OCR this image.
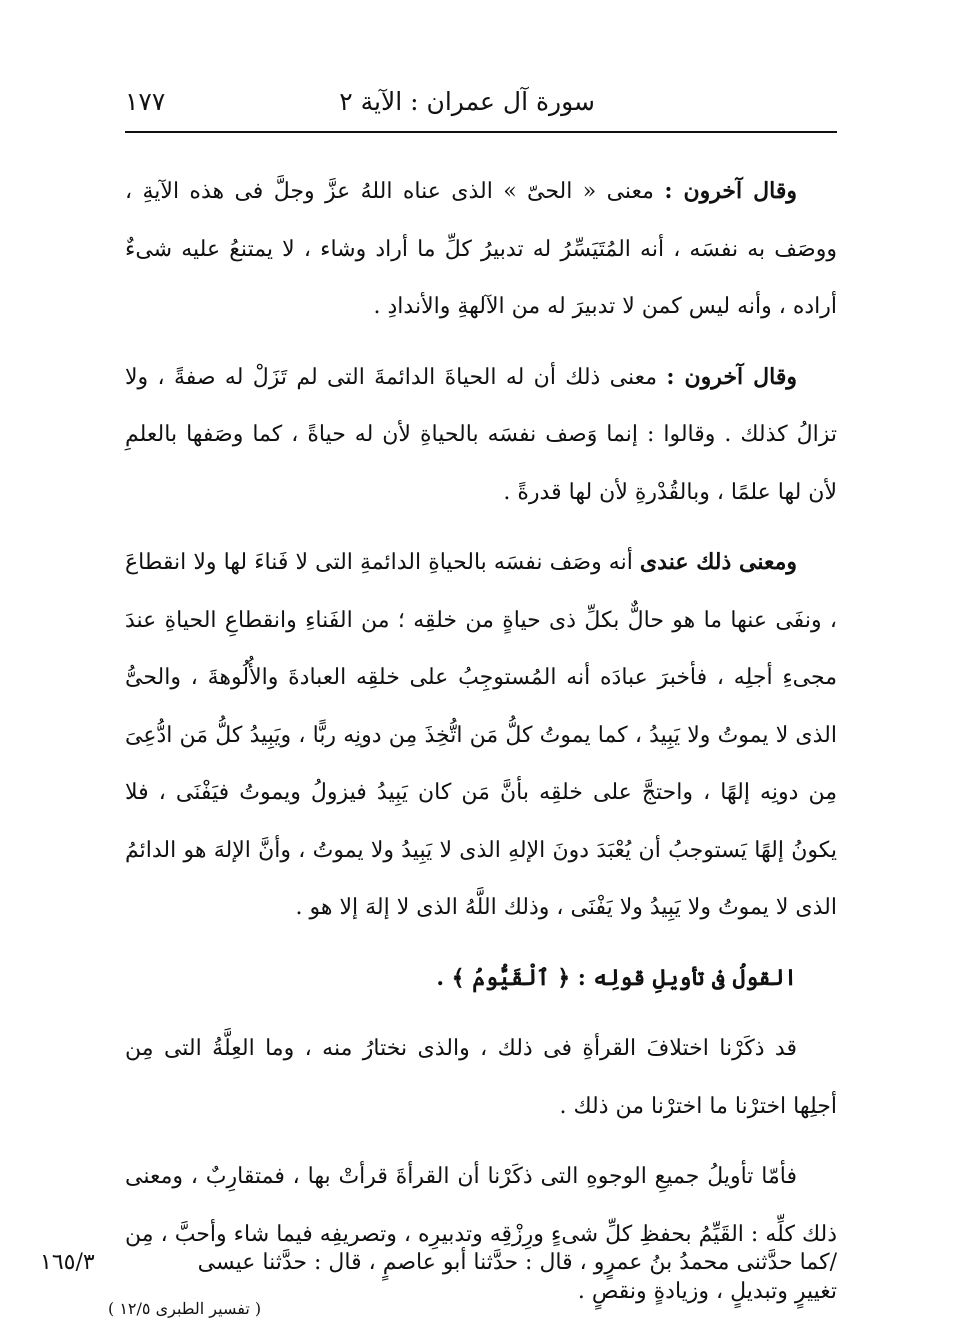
سورة آل عمران : الآية ٢
١٧٧

وقال آخرون : معنى « الحىّ » الذى عناه اللهُ عزَّ وجلَّ فى هذه الآيةِ ، ووصَف به نفسَه ، أنه المُتَيَسِّرُ له تدبيرُ كلِّ ما أراد وشاء ، لا يمتنعُ عليه شىءٌ أراده ، وأنه ليس كمن لا تدبيرَ له من الآلهةِ والأندادِ .

وقال آخرون : معنى ذلك أن له الحياةَ الدائمةَ التى لم تَزَلْ له صفةً ، ولا تزالُ كذلك . وقالوا : إنما وَصف نفسَه بالحياةِ لأن له حياةً ، كما وصَفها بالعلمِ لأن لها علمًا ، وبالقُدْرةِ لأن لها قدرةً .

ومعنى ذلك عندى أنه وصَف نفسَه بالحياةِ الدائمةِ التى لا فَناءَ لها ولا انقطاعَ ، ونفَى عنها ما هو حالٌّ بكلِّ ذى حياةٍ من خلقِه ؛ من الفَناءِ وانقطاعِ الحياةِ عندَ مجىءِ أجلِه ، فأخبرَ عبادَه أنه المُستوجِبُ على خلقِه العبادةَ والأُلُوهةَ ، والحىُّ الذى لا يموتُ ولا يَبِيدُ ، كما يموتُ كلُّ مَن اتُّخِذَ مِن دونِه ربًّا ، ويَبِيدُ كلُّ مَن ادُّعِىَ مِن دونِه إلهًا ، واحتجَّ على خلقِه بأنَّ مَن كان يَبِيدُ فيزولُ ويموتُ فيَفْنَى ، فلا يكونُ إلهًا يَستوجبُ أن يُعْبَدَ دونَ الإلهِ الذى لا يَبِيدُ ولا يموتُ ، وأنَّ الإلهَ هو الدائمُ الذى لا يموتُ ولا يَبِيدُ ولا يَفْنَى ، وذلك اللَّهُ الذى لا إلهَ إلا هو .

القولُ فى تأويلِ قولِه : ﴿ ٱلْقَيُّومُ ﴾ .

قد ذكَرْنا اختلافَ القرأةِ فى ذلك ، والذى نختارُ منه ، وما العِلَّةُ التى مِن أجلِها اخترْنا ما اخترْنا من ذلك .

فأمّا تأويلُ جميعِ الوجوهِ التى ذكَرْنا أن القرأةَ قرأتْ بها ، فمتقارِبٌ ، ومعنى ذلك كلِّه : القَيِّمُ بحفظِ كلِّ شىءٍ ورِزْقِه وتدبيرِه ، وتصريفِه فيما شاء وأحبَّ ، مِن تغييرٍ وتبديلٍ ، وزيادةٍ ونقصٍ .

/كما حدَّثنى محمدُ بنُ عمرٍو ، قال : حدَّثنا أبو عاصمٍ ، قال : حدَّثنا عيسى
١٦٥/٣
( تفسير الطبرى ١٢/٥ )
